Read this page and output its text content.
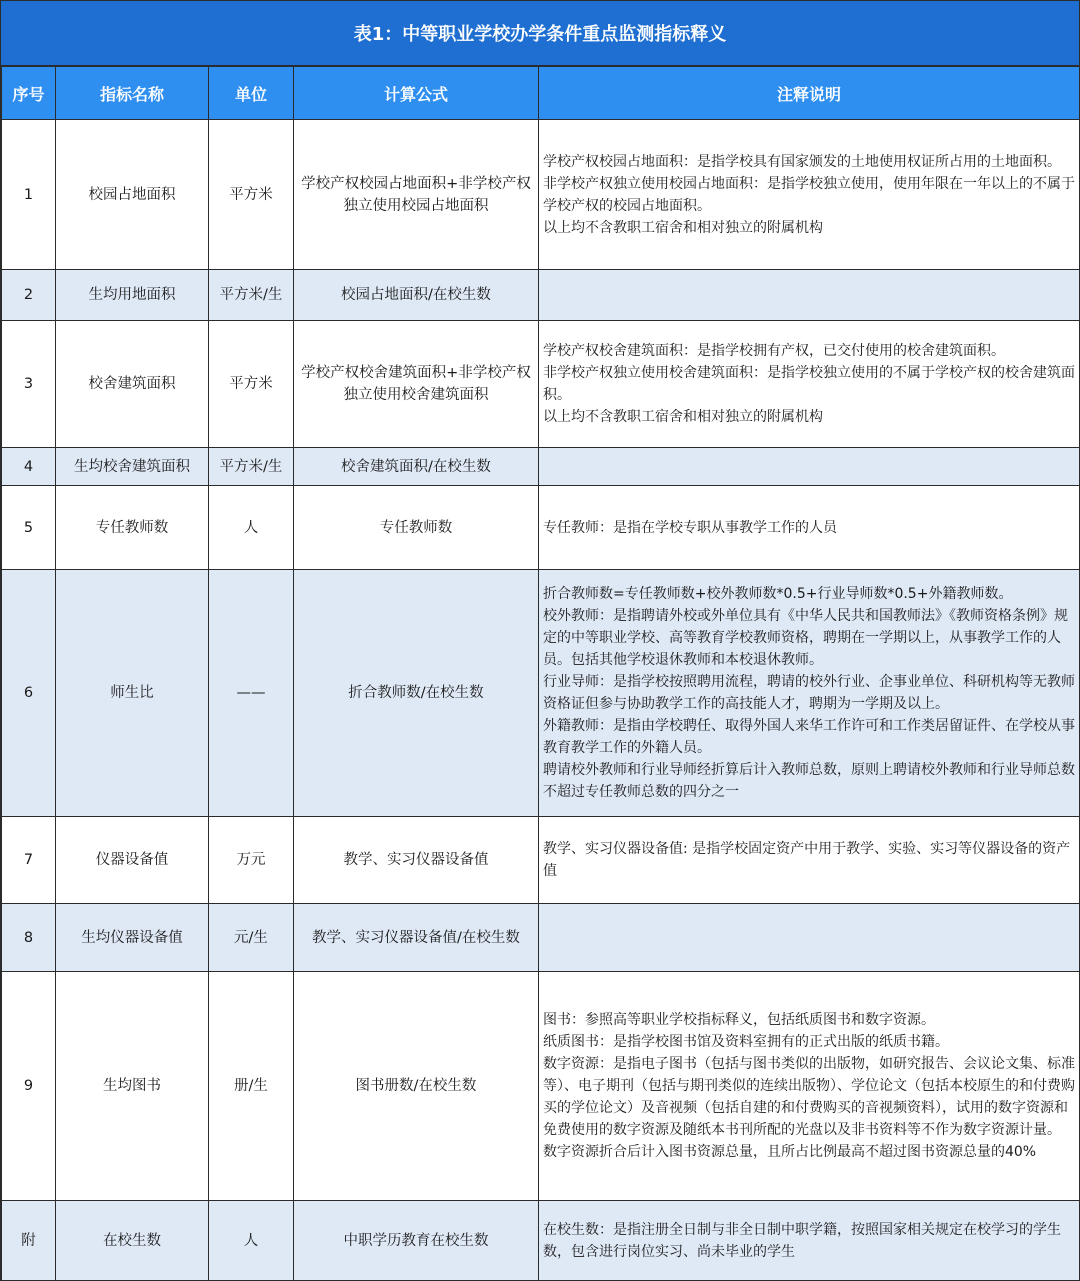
表1：中等职业学校办学条件重点监测指标释义
序号	指标名称	单位	计算公式	注释说明
1	校园占地面积	平方米	学校产权校园占地面积+非学校产权独立使用校园占地面积	学校产权校园占地面积：是指学校具有国家颁发的土地使用权证所占用的土地面积。
非学校产权独立使用校园占地面积：是指学校独立使用，使用年限在一年以上的不属于学校产权的校园占地面积。
以上均不含教职工宿舍和相对独立的附属机构

2	生均用地面积	平方米/生	校园占地面积/在校生数	
3	校舍建筑面积	平方米	学校产权校舍建筑面积+非学校产权独立使用校舍建筑面积	学校产权校舍建筑面积：是指学校拥有产权，已交付使用的校舍建筑面积。
非学校产权独立使用校舍建筑面积：是指学校独立使用的不属于学校产权的校舍建筑面积。
以上均不含教职工宿舍和相对独立的附属机构

4	生均校舍建筑面积	平方米/生	校舍建筑面积/在校生数	
5	专任教师数	人	专任教师数	专任教师：是指在学校专职从事教学工作的人员

6	师生比	——	折合教师数/在校生数	折合教师数=专任教师数+校外教师数*0.5+行业导师数*0.5+外籍教师数。
校外教师：是指聘请外校或外单位具有《中华人民共和国教师法》《教师资格条例》规定的中等职业学校、高等教育学校教师资格，聘期在一学期以上，从事教学工作的人员。包括其他学校退休教师和本校退休教师。
行业导师：是指学校按照聘用流程，聘请的校外行业、企事业单位、科研机构等无教师资格证但参与协助教学工作的高技能人才，聘期为一学期及以上。
外籍教师：是指由学校聘任、取得外国人来华工作许可和工作类居留证件、在学校从事教育教学工作的外籍人员。
聘请校外教师和行业导师经折算后计入教师总数，原则上聘请校外教师和行业导师总数不超过专任教师总数的四分之一

7	仪器设备值	万元	教学、实习仪器设备值	教学、实习仪器设备值: 是指学校固定资产中用于教学、实验、实习等仪器设备的资产值

8	生均仪器设备值	元/生	教学、实习仪器设备值/在校生数	
9	生均图书	册/生	图书册数/在校生数	图书：参照高等职业学校指标释义，包括纸质图书和数字资源。
纸质图书：是指学校图书馆及资料室拥有的正式出版的纸质书籍。
数字资源：是指电子图书（包括与图书类似的出版物，如研究报告、会议论文集、标准等）、电子期刊（包括与期刊类似的连续出版物）、学位论文（包括本校原生的和付费购买的学位论文）及音视频（包括自建的和付费购买的音视频资料），试用的数字资源和免费使用的数字资源及随纸本书刊所配的光盘以及非书资料等不作为数字资源计量。
数字资源折合后计入图书资源总量，且所占比例最高不超过图书资源总量的40%

附	在校生数	人	中职学历教育在校生数	在校生数：是指注册全日制与非全日制中职学籍，按照国家相关规定在校学习的学生数，包含进行岗位实习、尚未毕业的学生
